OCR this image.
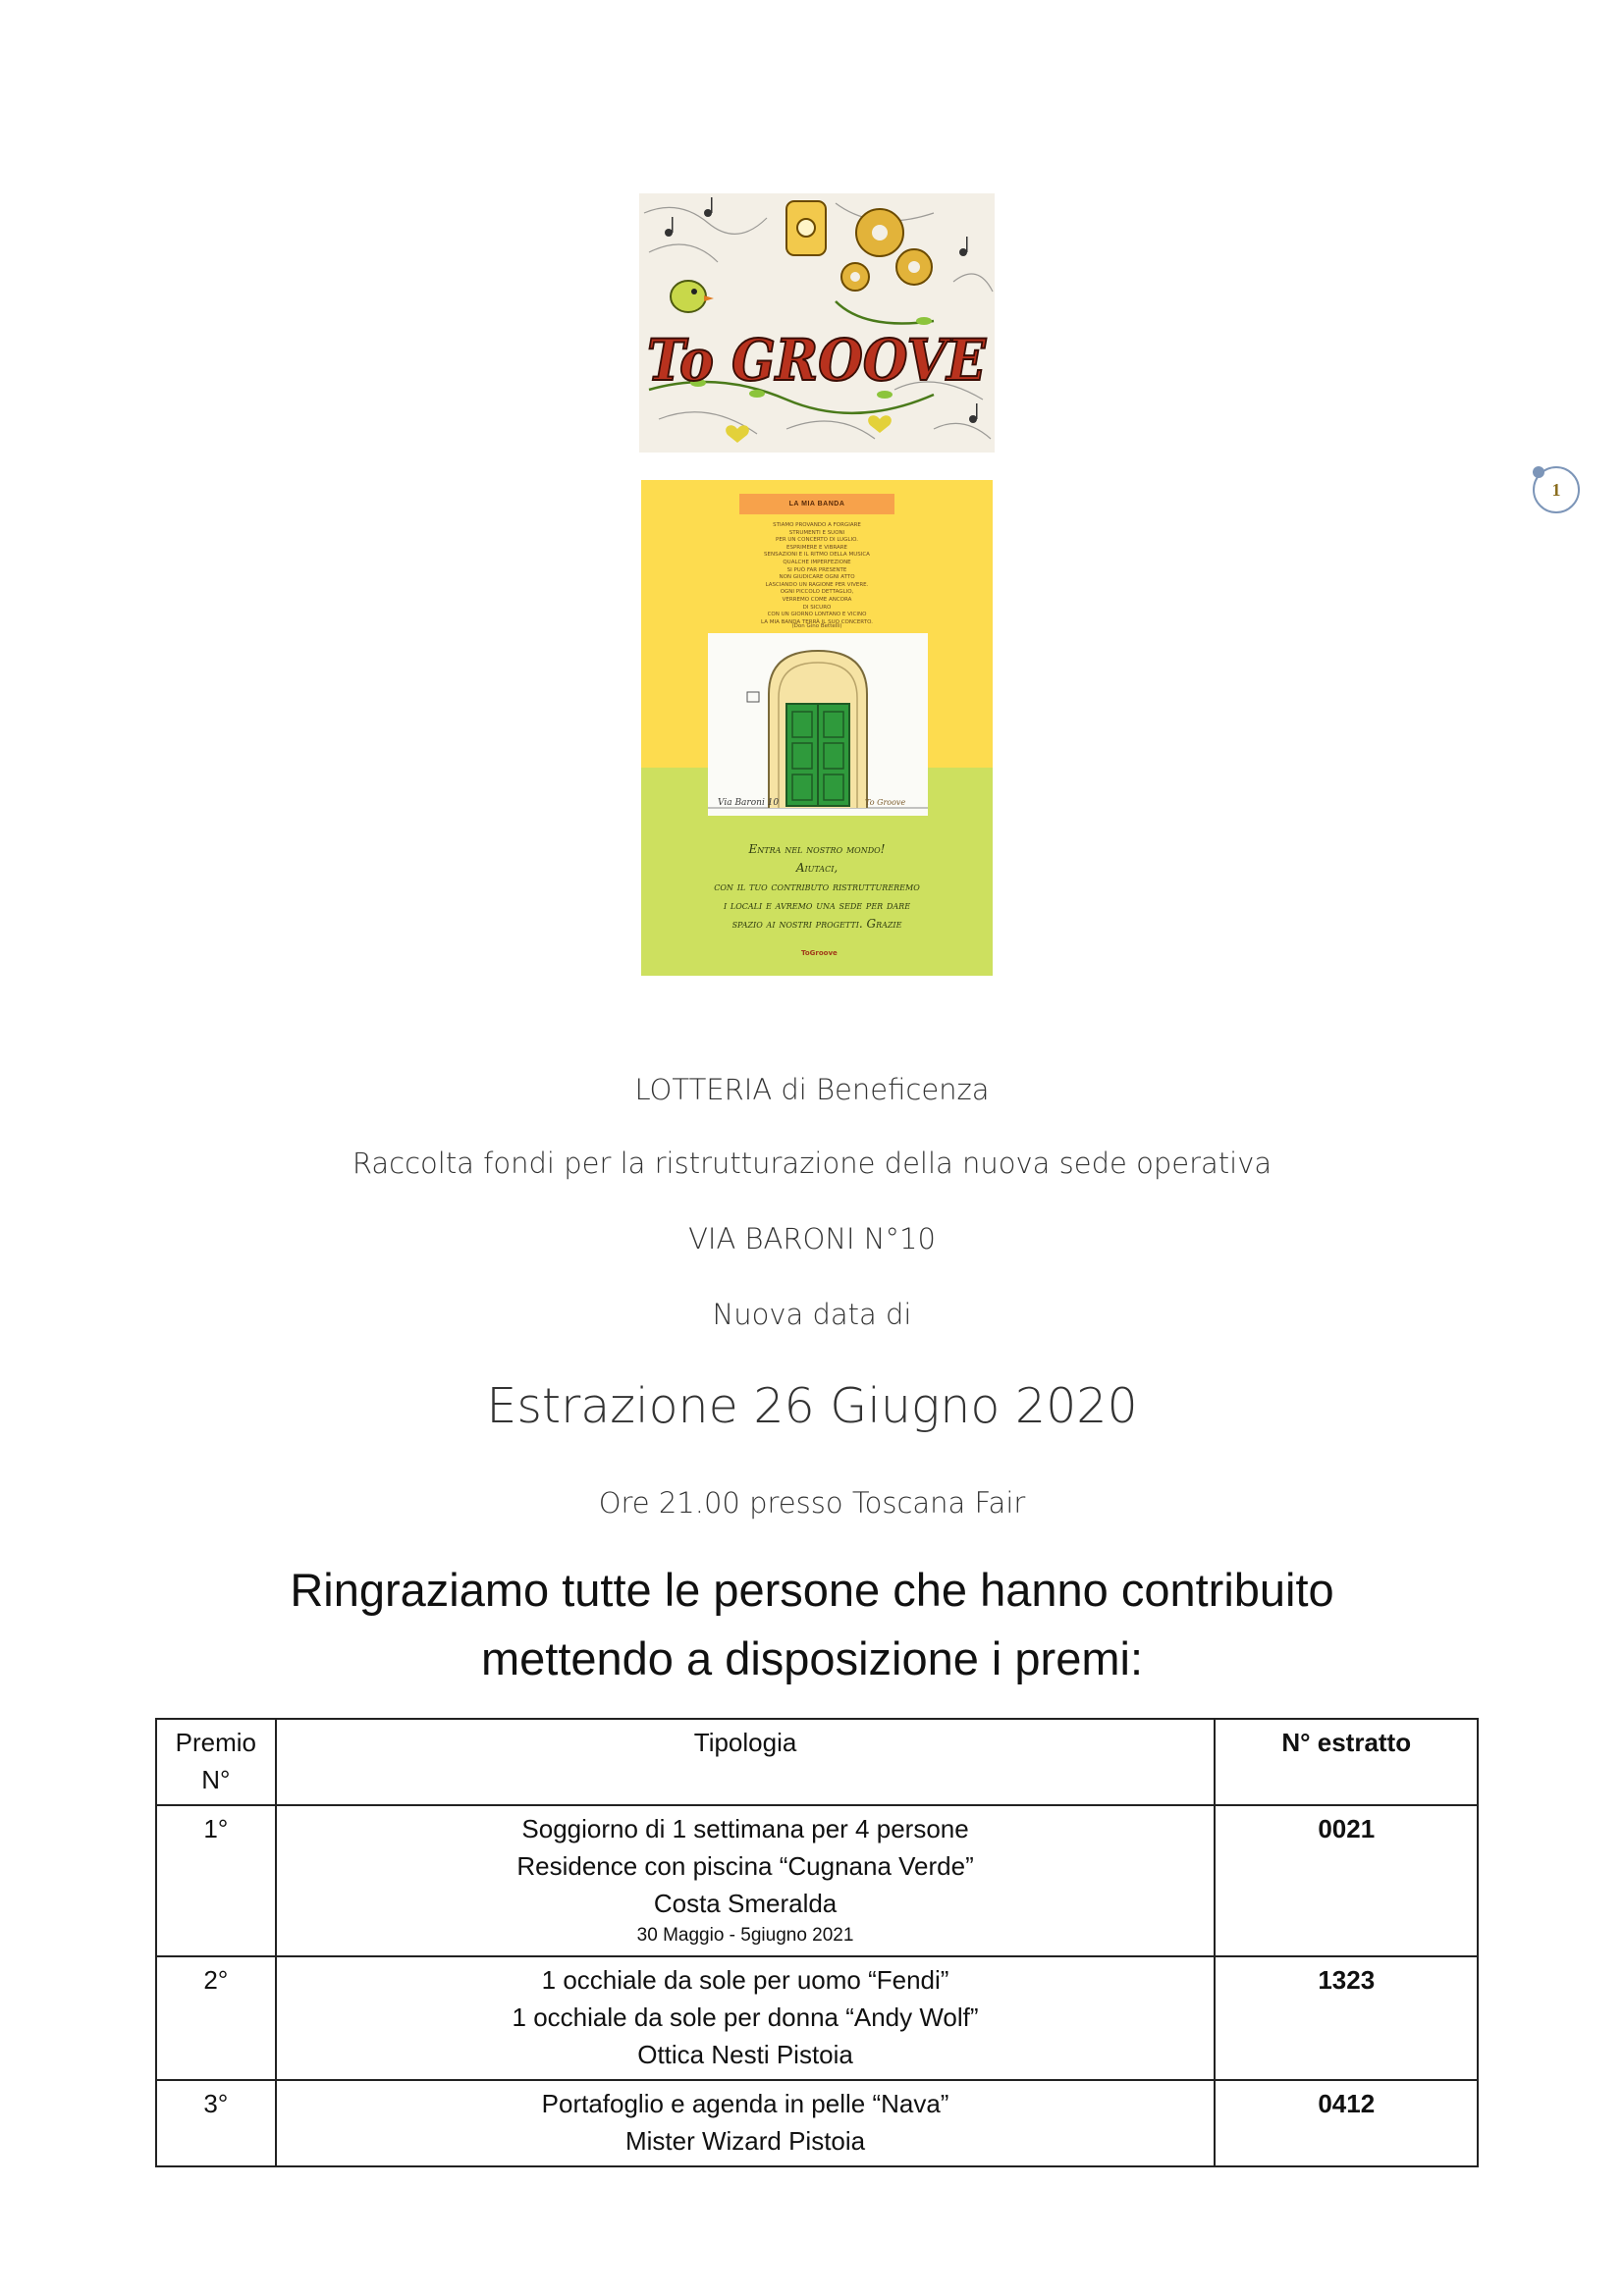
To GROOVE
LA MIA BANDA
STIAMO PROVANDO A FORGIARE
STRUMENTI E SUONI
PER UN CONCERTO DI LUGLIO.
ESPRIMERE E VIBRARE
SENSAZIONI E IL RITMO DELLA MUSICA
QUALCHE IMPERFEZIONE
SI PUÒ FAR PRESENTE
NON GIUDICARE OGNI ATTO
LASCIANDO UN RAGIONE PER VIVERE.
OGNI PICCOLO DETTAGLIO,
VERREMO COME ANCORA
DI SICURO
CON UN GIORNO LONTANO E VICINO
LA MIA BANDA TERRÀ IL SUO CONCERTO.
(Don Gino Bettelli)
Via Baroni 10	To Groove
Entra nel nostro mondo!
Aiutaci,
con il tuo contributo ristruttureremo
i locali e avremo una sede per dare
spazio ai nostri progetti. Grazie
ToGroove
1
LOTTERIA di Beneficenza
Raccolta fondi per la ristrutturazione della nuova sede operativa
VIA BARONI N°10
Nuova data di
Estrazione 26 Giugno 2020
Ore 21.00 presso Toscana Fair
Ringraziamo tutte le persone che hanno contribuito
mettendo a disposizione i premi:
Premio
N°	Tipologia	N° estratto
1°	Soggiorno di 1 settimana per 4 persone
Residence con piscina “Cugnana Verde”
Costa Smeralda
30 Maggio - 5giugno 2021	0021
2°	1 occhiale da sole per uomo “Fendi”
1 occhiale da sole per donna “Andy Wolf”
Ottica Nesti Pistoia	1323
3°	Portafoglio e agenda in pelle “Nava”
Mister Wizard Pistoia	0412
